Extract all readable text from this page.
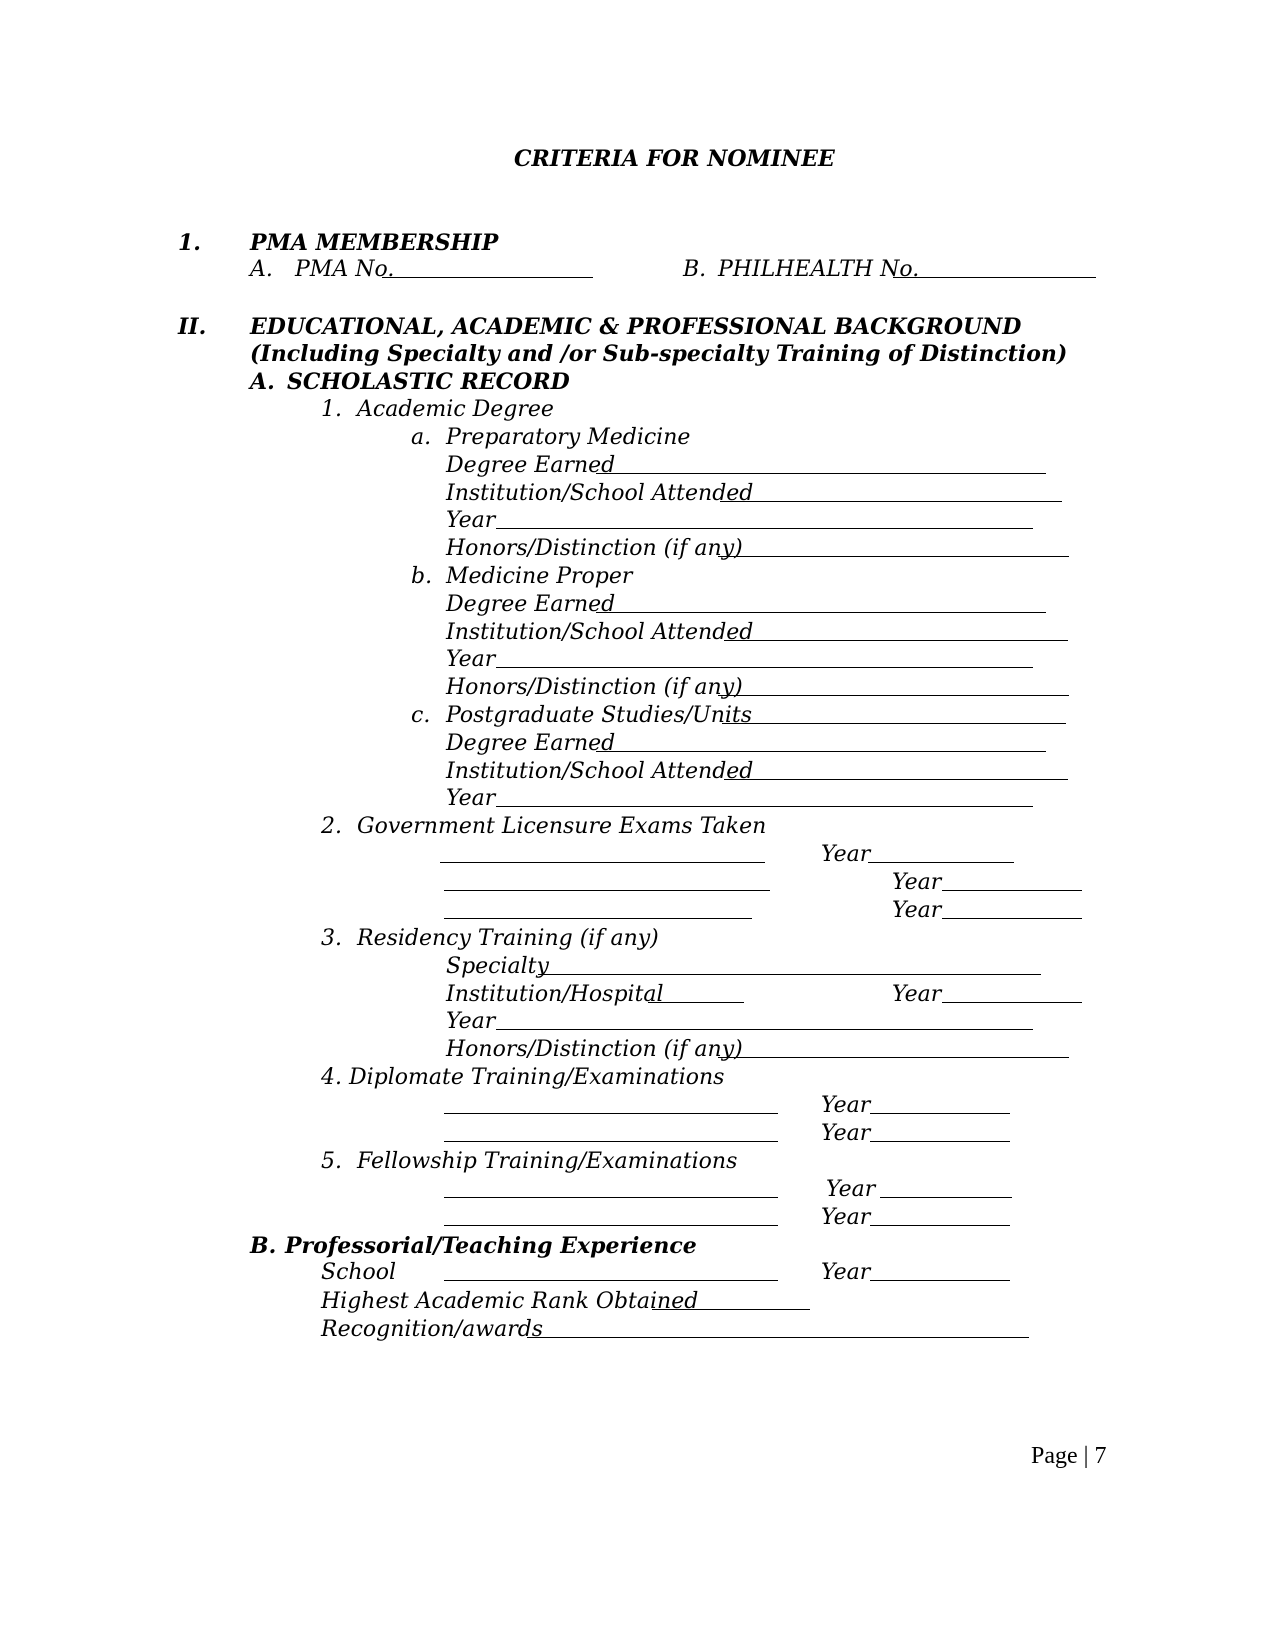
CRITERIA FOR NOMINEE
1. PMA MEMBERSHIP
A. PMA No.	B. PHILHEALTH No.
II. EDUCATIONAL, ACADEMIC & PROFESSIONAL BACKGROUND
(Including Specialty and /or Sub-specialty Training of Distinction)
A. SCHOLASTIC RECORD
1. Academic Degree
a. Preparatory Medicine
Degree Earned
Institution/School Attended
Year
Honors/Distinction (if any)
b. Medicine Proper
Degree Earned
Institution/School Attended
Year
Honors/Distinction (if any)
c. Postgraduate Studies/Units
Degree Earned
Institution/School Attended
Year
2. Government Licensure Exams Taken
Year
Year
Year
3. Residency Training (if any)
Specialty
Institution/Hospital	Year
Year
Honors/Distinction (if any)
4. Diplomate Training/Examinations
Year
Year
5. Fellowship Training/Examinations
Year
Year
B. Professorial/Teaching Experience
School	Year
Highest Academic Rank Obtained
Recognition/awards
Page | 7
